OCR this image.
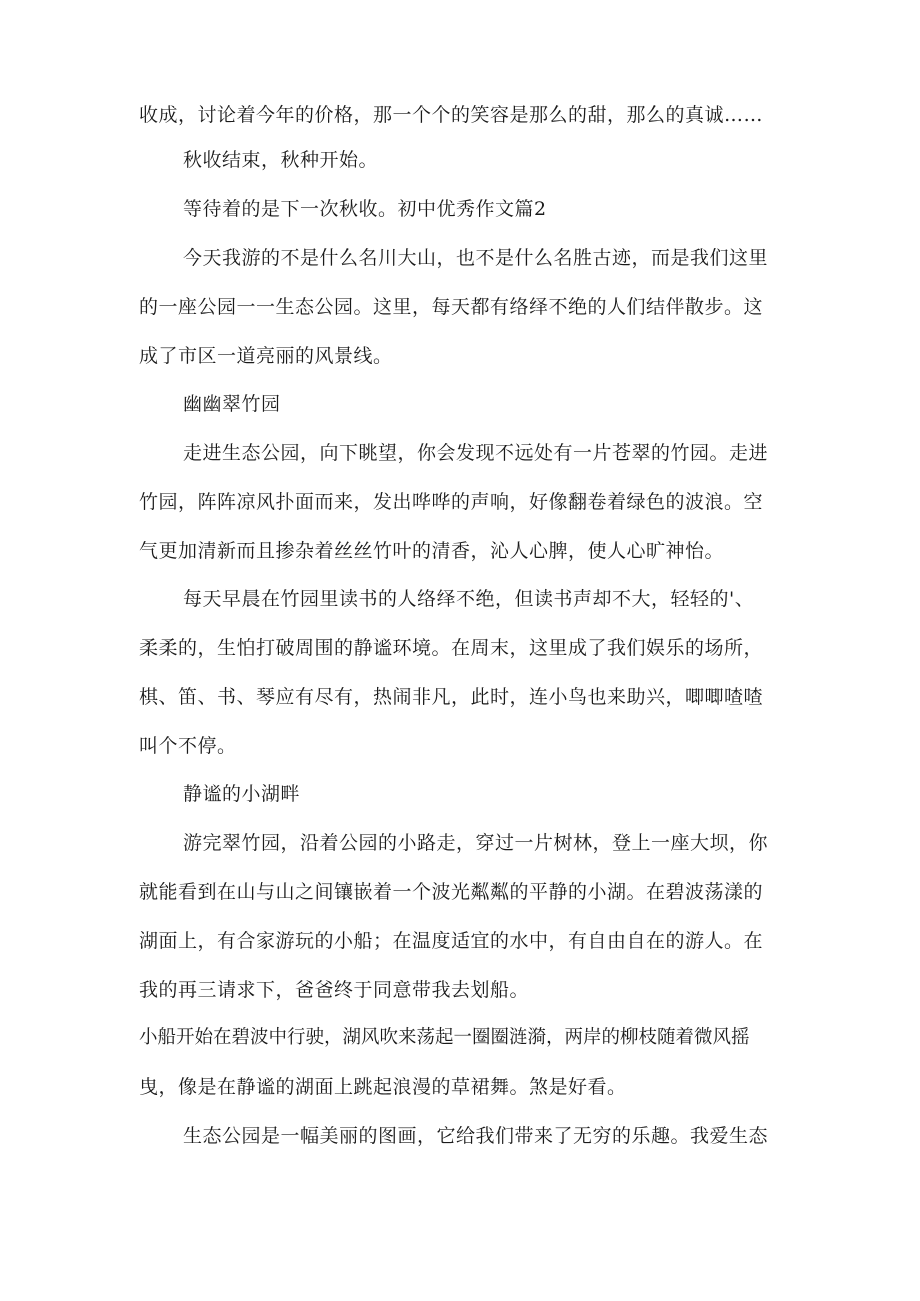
收成，讨论着今年的价格，那一个个的笑容是那么的甜，那么的真诚……
秋收结束，秋种开始。
等待着的是下一次秋收。初中优秀作文篇2
今天我游的不是什么名川大山，也不是什么名胜古迹，而是我们这里
的一座公园一一生态公园。这里，每天都有络绎不绝的人们结伴散步。这
成了市区一道亮丽的风景线。
幽幽翠竹园
走进生态公园，向下眺望，你会发现不远处有一片苍翠的竹园。走进
竹园，阵阵凉风扑面而来，发出哗哗的声响，好像翻卷着绿色的波浪。空
气更加清新而且掺杂着丝丝竹叶的清香，沁人心脾，使人心旷神怡。
每天早晨在竹园里读书的人络绎不绝，但读书声却不大，轻轻的'、
柔柔的，生怕打破周围的静谧环境。在周末，这里成了我们娱乐的场所，
棋、笛、书、琴应有尽有，热闹非凡，此时，连小鸟也来助兴，唧唧喳喳
叫个不停。
静谧的小湖畔
游完翠竹园，沿着公园的小路走，穿过一片树林，登上一座大坝，你
就能看到在山与山之间镶嵌着一个波光粼粼的平静的小湖。在碧波荡漾的
湖面上，有合家游玩的小船；在温度适宜的水中，有自由自在的游人。在
我的再三请求下，爸爸终于同意带我去划船。
小船开始在碧波中行驶，湖风吹来荡起一圈圈涟漪，两岸的柳枝随着微风摇
曳，像是在静谧的湖面上跳起浪漫的草裙舞。煞是好看。
生态公园是一幅美丽的图画，它给我们带来了无穷的乐趣。我爱生态
